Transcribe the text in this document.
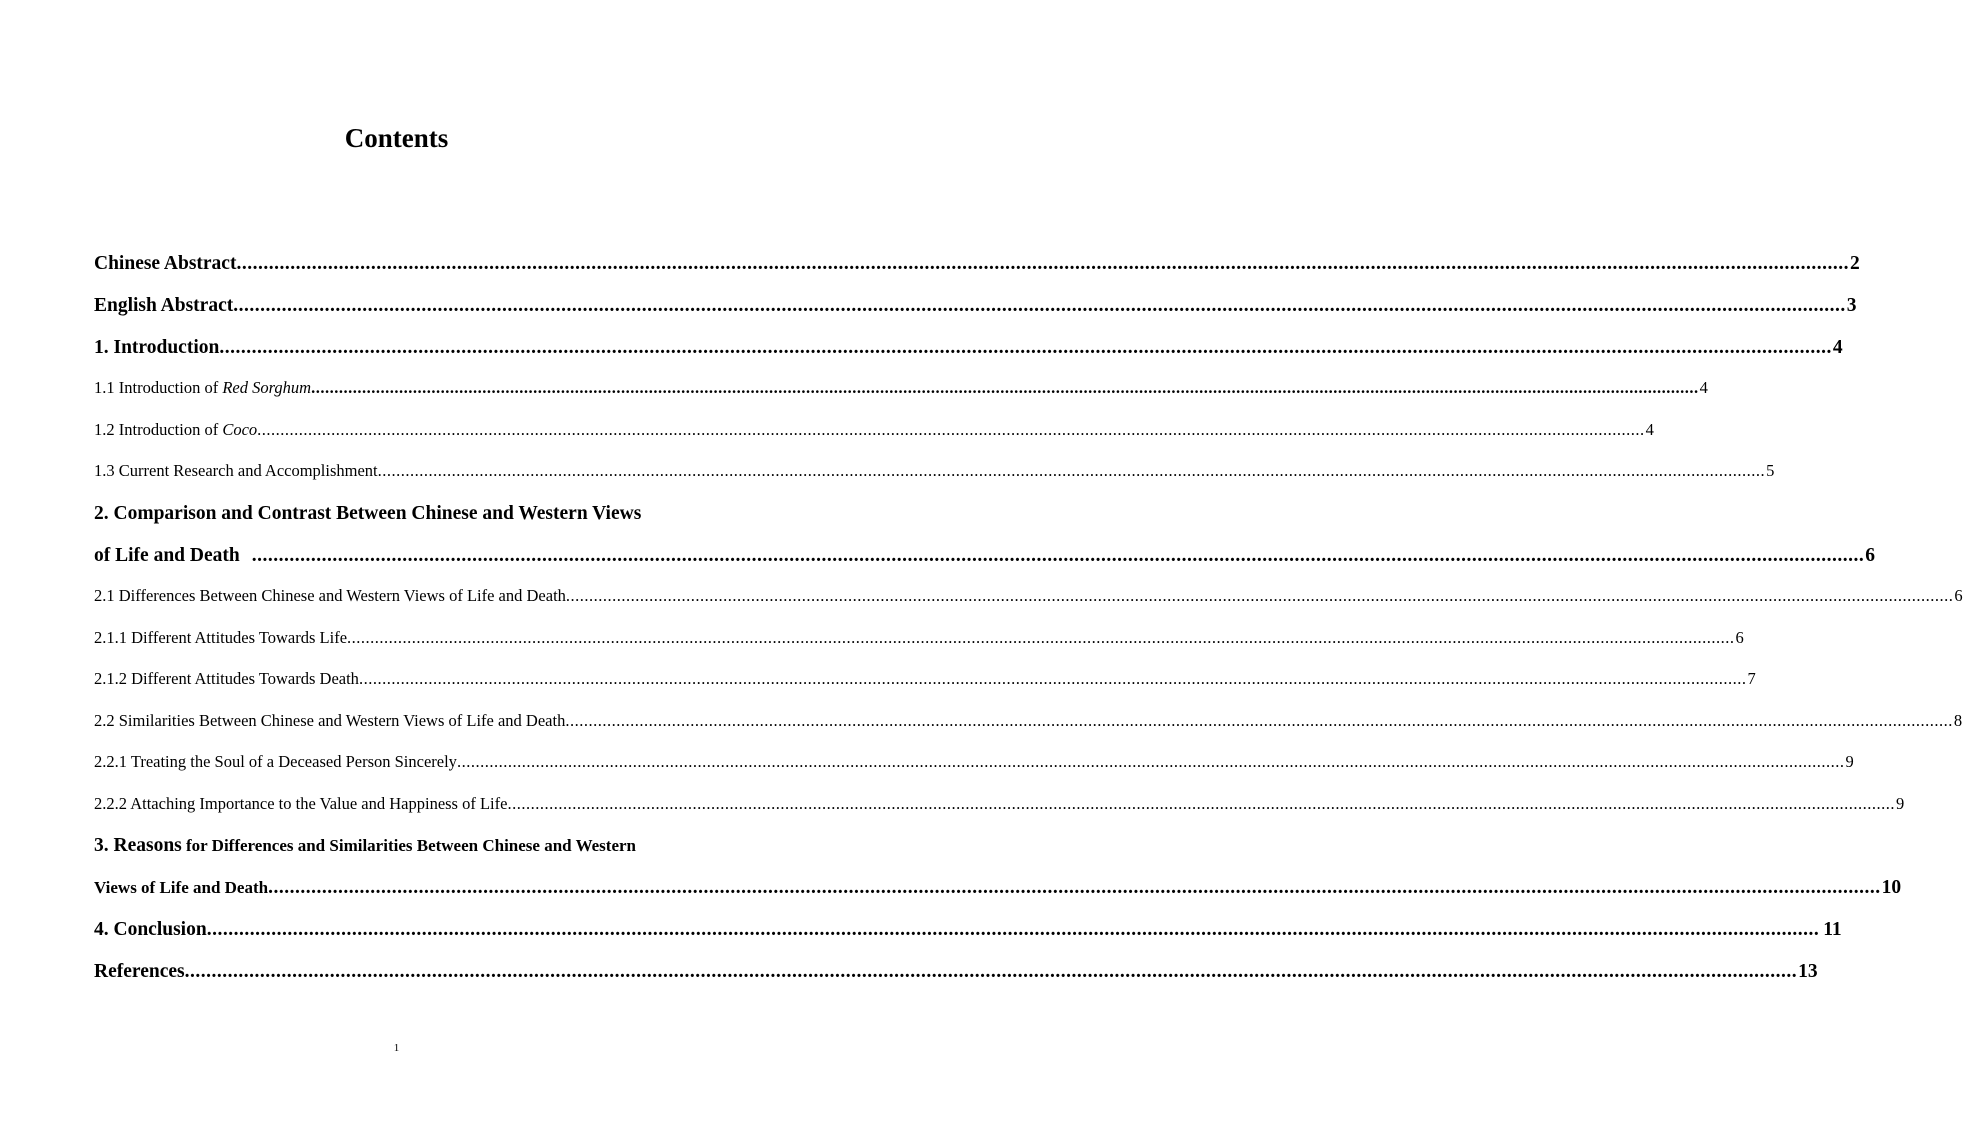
Contents
Chinese Abstract ............................................................................................................................................................................................................................................................................................................ 2
English Abstract ............................................................................................................................................................................................................................................................................................................ 3
1. Introduction ............................................................................................................................................................................................................................................................................................................ 4
1.1 Introduction of Red Sorghum ............................................................................................................................................................................................................................................................................................................ 4
1.2 Introduction of Coco ............................................................................................................................................................................................................................................................................................................ 4
1.3 Current Research and Accomplishment ............................................................................................................................................................................................................................................................................................................ 5
2. Comparison and Contrast Between Chinese and Western Views
of Life and Death ............................................................................................................................................................................................................................................................................................................ 6
2.1 Differences Between Chinese and Western Views of Life and Death ............................................................................................................................................................................................................................................................................................................ 6
2.1.1 Different Attitudes Towards Life ............................................................................................................................................................................................................................................................................................................ 6
2.1.2 Different Attitudes Towards Death ............................................................................................................................................................................................................................................................................................................ 7
2.2 Similarities Between Chinese and Western Views of Life and Death ............................................................................................................................................................................................................................................................................................................ 8
2.2.1 Treating the Soul of a Deceased Person Sincerely ............................................................................................................................................................................................................................................................................................................ 9
2.2.2 Attaching Importance to the Value and Happiness of Life ............................................................................................................................................................................................................................................................................................................ 9
3. Reasons for Differences and Similarities Between Chinese and Western
Views of Life and Death ............................................................................................................................................................................................................................................................................................................ 10
4. Conclusion ............................................................................................................................................................................................................................................................................................................ 11
References ............................................................................................................................................................................................................................................................................................................ 13
1
